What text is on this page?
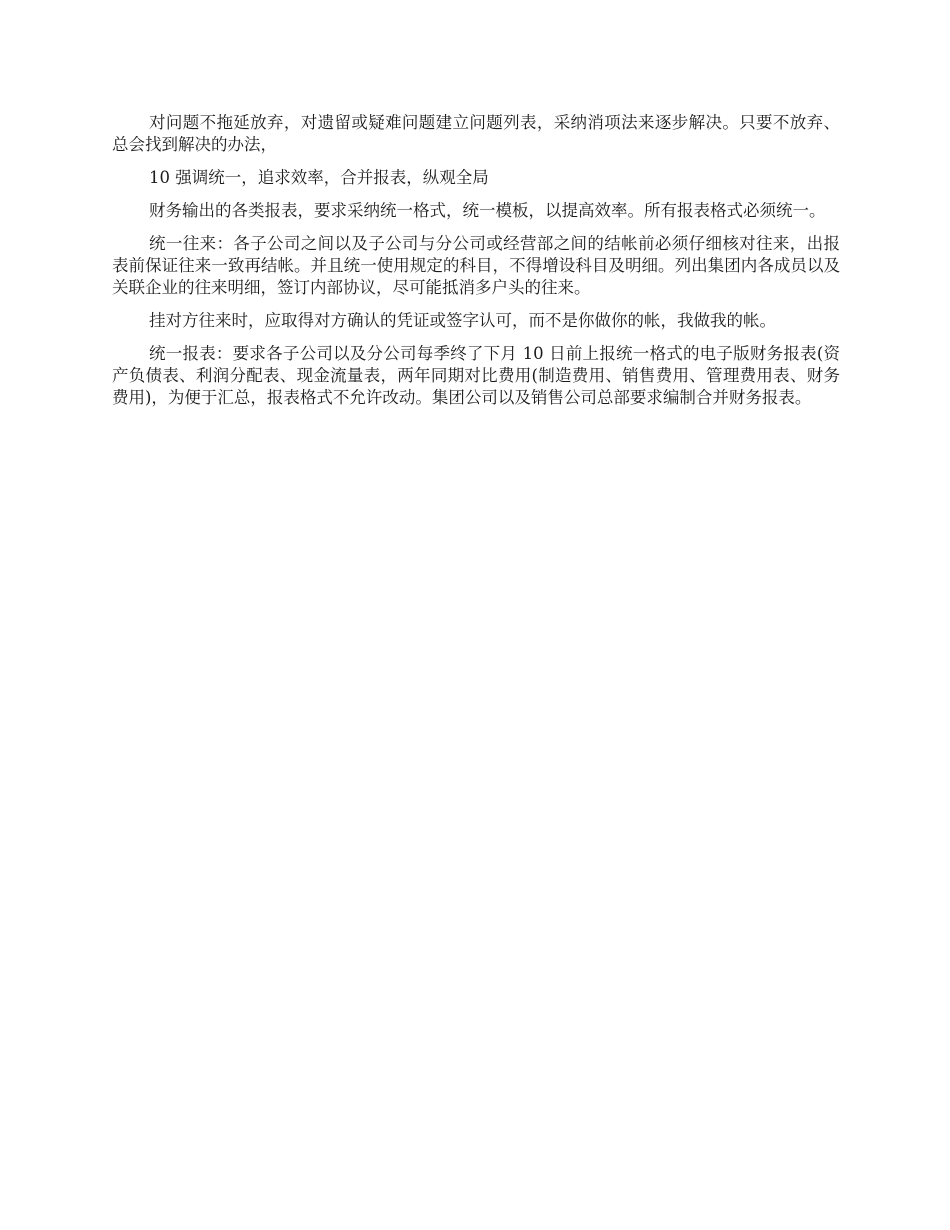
对问题不拖延放弃，对遗留或疑难问题建立问题列表，采纳消项法来逐步解决。只要不放弃、总会找到解决的办法，

10 强调统一，追求效率，合并报表，纵观全局

财务输出的各类报表，要求采纳统一格式，统一模板，以提高效率。所有报表格式必须统一。

统一往来：各子公司之间以及子公司与分公司或经营部之间的结帐前必须仔细核对往来，出报表前保证往来一致再结帐。并且统一使用规定的科目，不得增设科目及明细。列出集团内各成员以及关联企业的往来明细，签订内部协议，尽可能抵消多户头的往来。

挂对方往来时，应取得对方确认的凭证或签字认可，而不是你做你的帐，我做我的帐。

统一报表：要求各子公司以及分公司每季终了下月 10 日前上报统一格式的电子版财务报表(资产负债表、利润分配表、现金流量表，两年同期对比费用(制造费用、销售费用、管理费用表、财务费用)，为便于汇总，报表格式不允许改动。集团公司以及销售公司总部要求编制合并财务报表。
